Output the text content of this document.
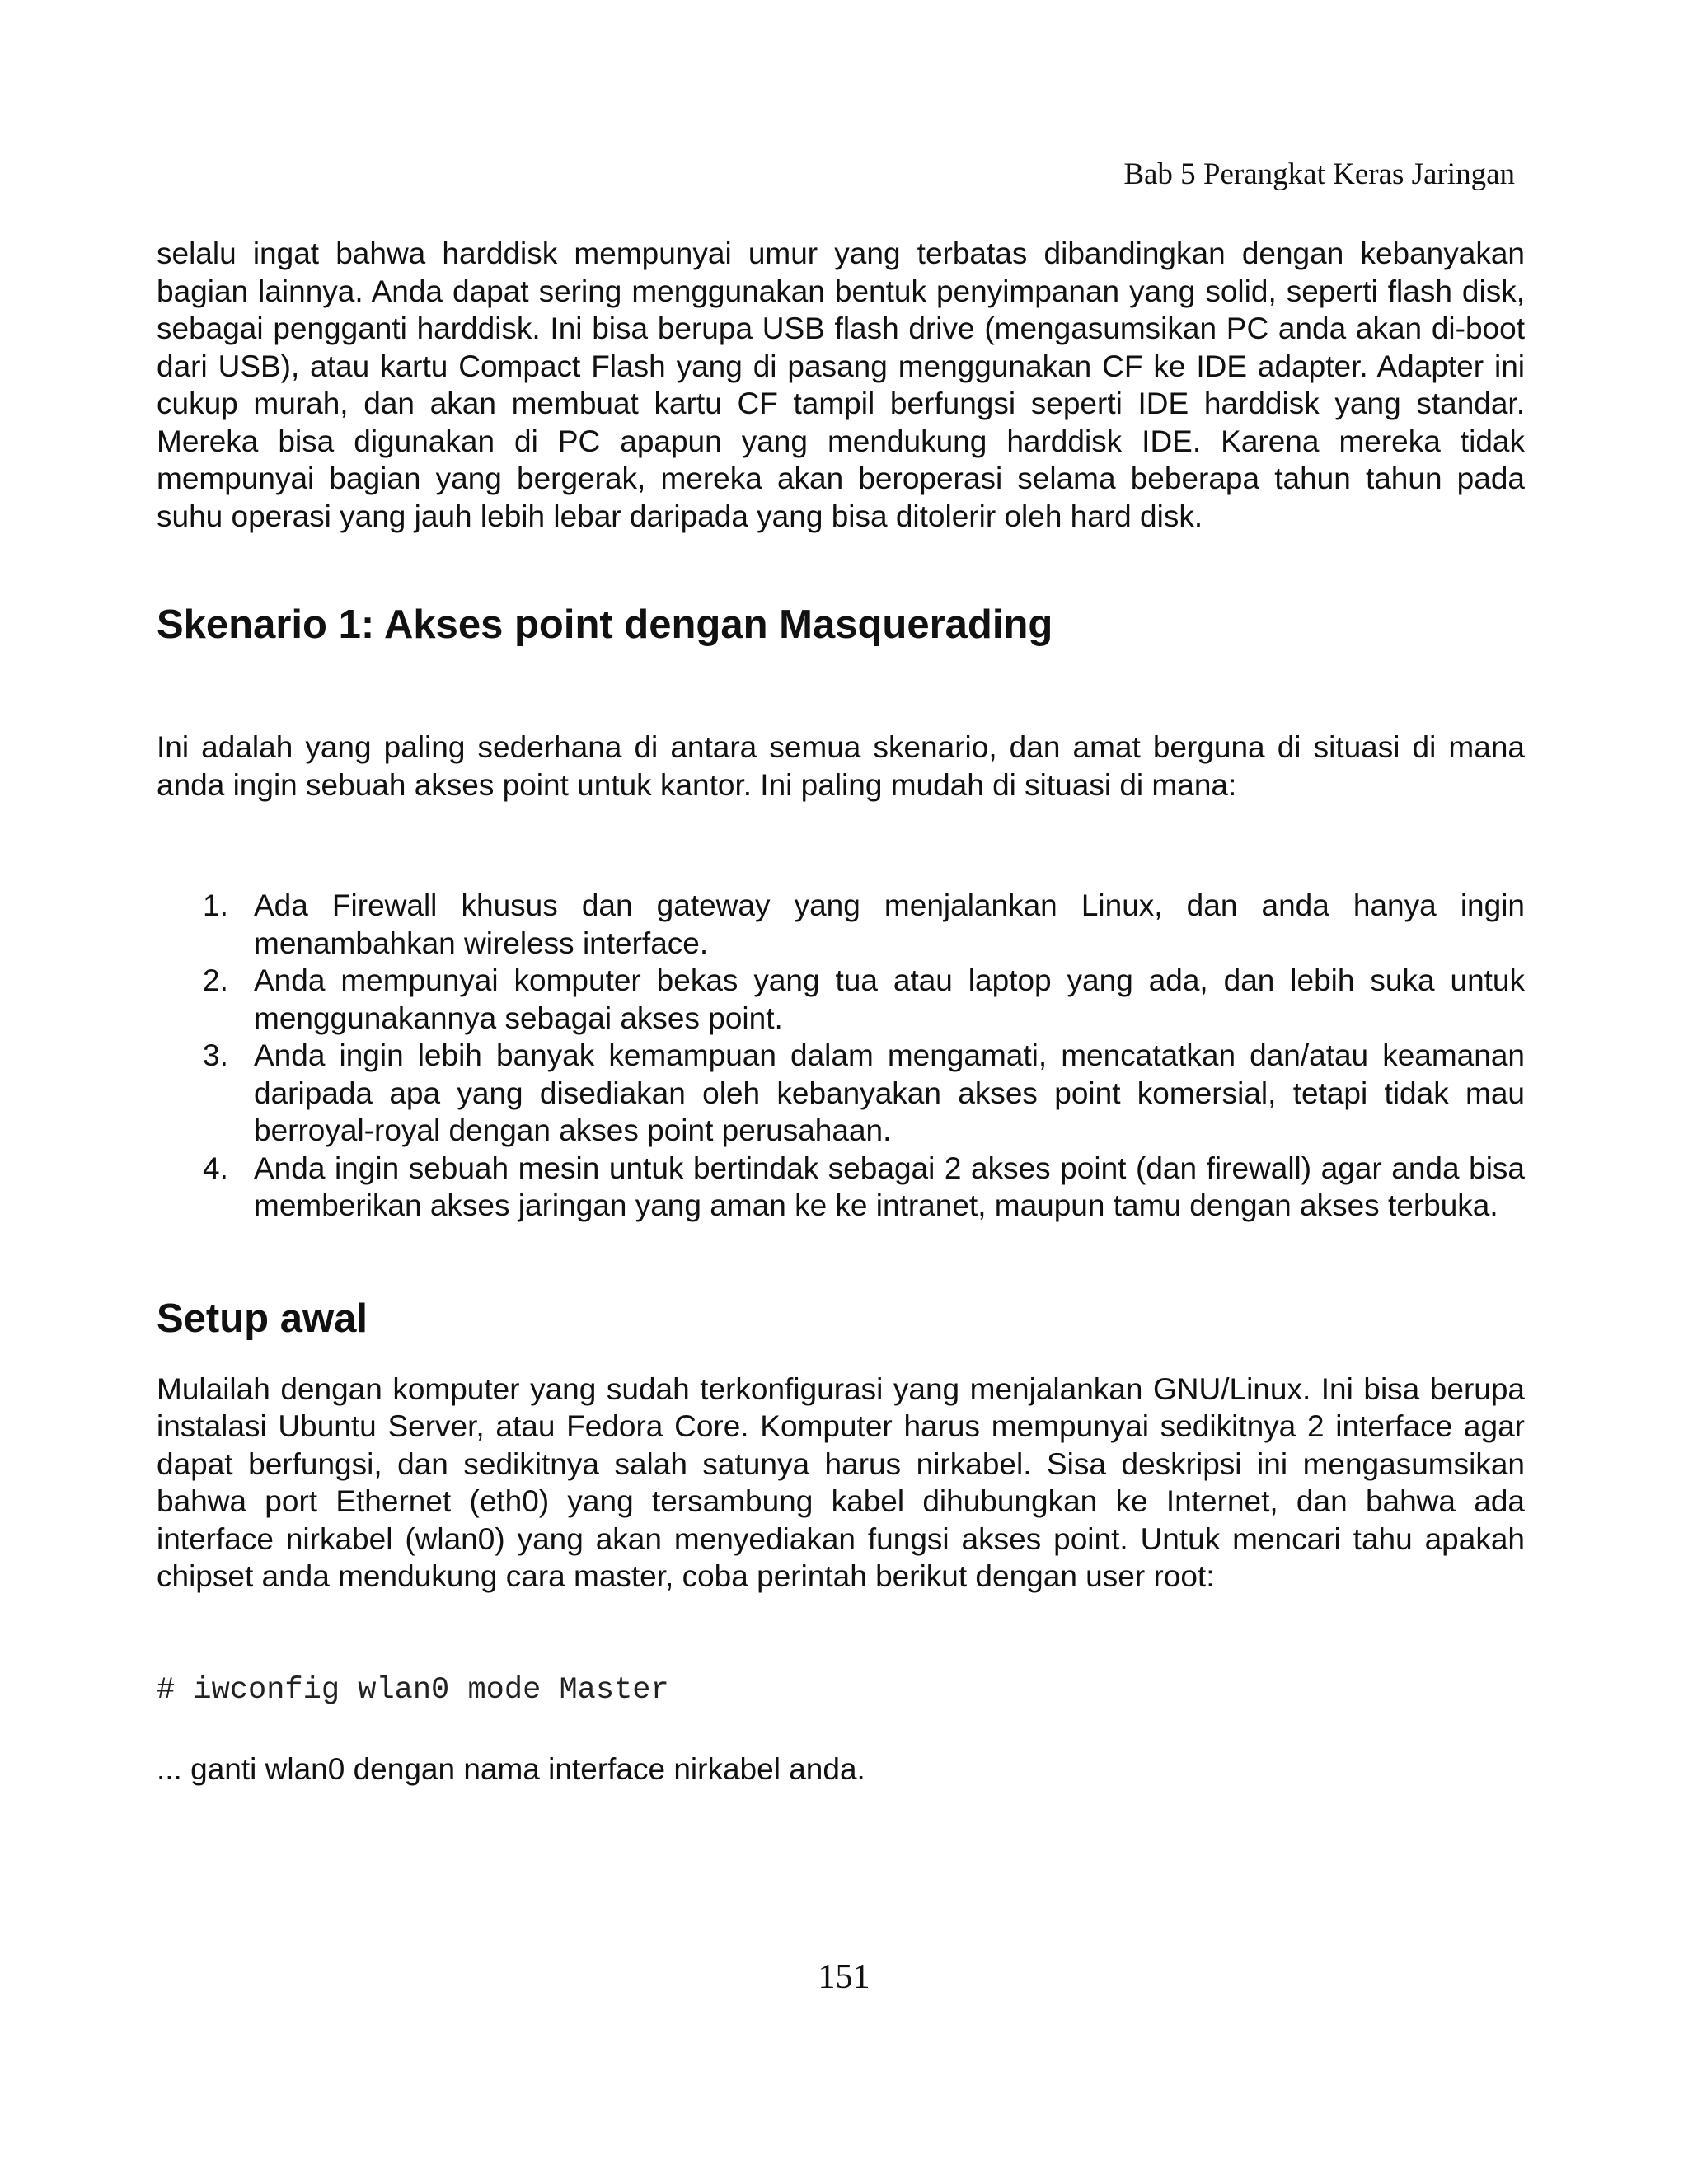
Bab 5 Perangkat Keras Jaringan

selalu ingat bahwa harddisk mempunyai umur yang terbatas dibandingkan dengan kebanyakan bagian lainnya. Anda dapat sering menggunakan bentuk penyimpanan yang solid, seperti flash disk, sebagai pengganti harddisk. Ini bisa berupa USB flash drive (mengasumsikan PC anda akan di-boot dari USB), atau kartu Compact Flash yang di pasang menggunakan CF ke IDE adapter. Adapter ini cukup murah, dan akan membuat kartu CF tampil berfungsi seperti IDE harddisk yang standar. Mereka bisa digunakan di PC apapun yang mendukung harddisk IDE. Karena mereka tidak mempunyai bagian yang bergerak, mereka akan beroperasi selama beberapa tahun tahun pada suhu operasi yang jauh lebih lebar daripada yang bisa ditolerir oleh hard disk.

Skenario 1: Akses point dengan Masquerading

Ini adalah yang paling sederhana di antara semua skenario, dan amat berguna di situasi di mana anda ingin sebuah akses point untuk kantor. Ini paling mudah di situasi di mana:

1. Ada Firewall khusus dan gateway yang menjalankan Linux, dan anda hanya ingin menambahkan wireless interface.
2. Anda mempunyai komputer bekas yang tua atau laptop yang ada, dan lebih suka untuk menggunakannya sebagai akses point.
3. Anda ingin lebih banyak kemampuan dalam mengamati, mencatatkan dan/atau keamanan daripada apa yang disediakan oleh kebanyakan akses point komersial, tetapi tidak mau berroyal-royal dengan akses point perusahaan.
4. Anda ingin sebuah mesin untuk bertindak sebagai 2 akses point (dan firewall) agar anda bisa memberikan akses jaringan yang aman ke ke intranet, maupun tamu dengan akses terbuka.
Setup awal

Mulailah dengan komputer yang sudah terkonfigurasi yang menjalankan GNU/Linux. Ini bisa berupa instalasi Ubuntu Server, atau Fedora Core. Komputer harus mempunyai sedikitnya 2 interface agar dapat berfungsi, dan sedikitnya salah satunya harus nirkabel. Sisa deskripsi ini mengasumsikan bahwa port Ethernet (eth0) yang tersambung kabel dihubungkan ke Internet, dan bahwa ada interface nirkabel (wlan0) yang akan menyediakan fungsi akses point. Untuk mencari tahu apakah chipset anda mendukung cara master, coba perintah berikut dengan user root:

# iwconfig wlan0 mode Master

... ganti wlan0 dengan nama interface nirkabel anda.

151
